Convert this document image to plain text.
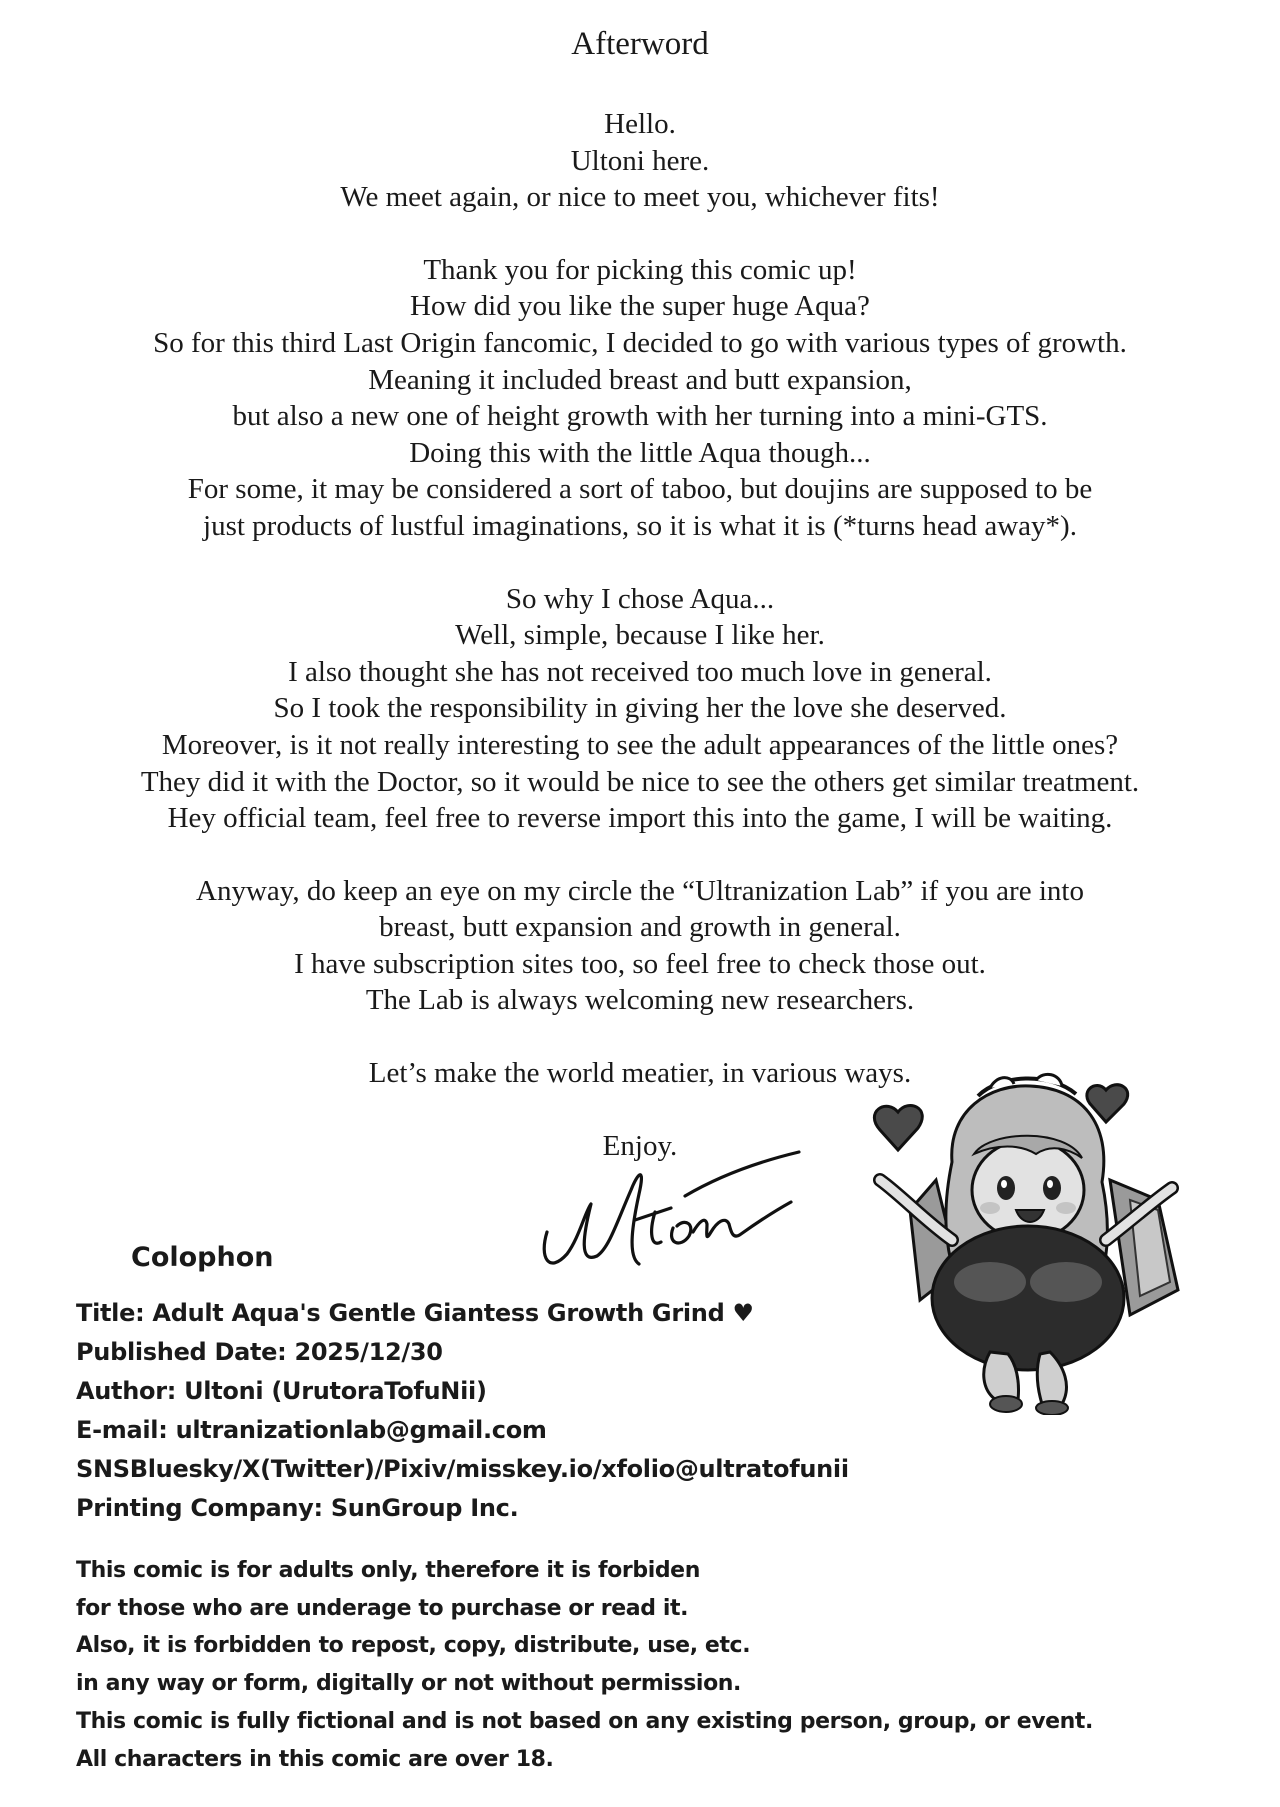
Afterword
Hello.
Ultoni here.
We meet again, or nice to meet you, whichever fits!
Thank you for picking this comic up!
How did you like the super huge Aqua?
So for this third Last Origin fancomic, I decided to go with various types of growth.
Meaning it included breast and butt expansion,
but also a new one of height growth with her turning into a mini-GTS.
Doing this with the little Aqua though...
For some, it may be considered a sort of taboo, but doujins are supposed to be
just products of lustful imaginations, so it is what it is (*turns head away*).
So why I chose Aqua...
Well, simple, because I like her.
I also thought she has not received too much love in general.
So I took the responsibility in giving her the love she deserved.
Moreover, is it not really interesting to see the adult appearances of the little ones?
They did it with the Doctor, so it would be nice to see the others get similar treatment.
Hey official team, feel free to reverse import this into the game, I will be waiting.
Anyway, do keep an eye on my circle the “Ultranization Lab” if you are into
breast, butt expansion and growth in general.
I have subscription sites too, so feel free to check those out.
The Lab is always welcoming new researchers.
Let’s make the world meatier, in various ways.
Enjoy.
Colophon
Title: Adult Aqua's Gentle Giantess Growth Grind ♥
Published Date: 2025/12/30
Author: Ultoni (UrutoraTofuNii)
E-mail: ultranizationlab@gmail.com
SNSBluesky/X(Twitter)/Pixiv/misskey.io/xfolio@ultratofunii
Printing Company: SunGroup Inc.
This comic is for adults only, therefore it is forbiden
for those who are underage to purchase or read it.
Also, it is forbidden to repost, copy, distribute, use, etc.
in any way or form, digitally or not without permission.
This comic is fully fictional and is not based on any existing person, group, or event.
All characters in this comic are over 18.
